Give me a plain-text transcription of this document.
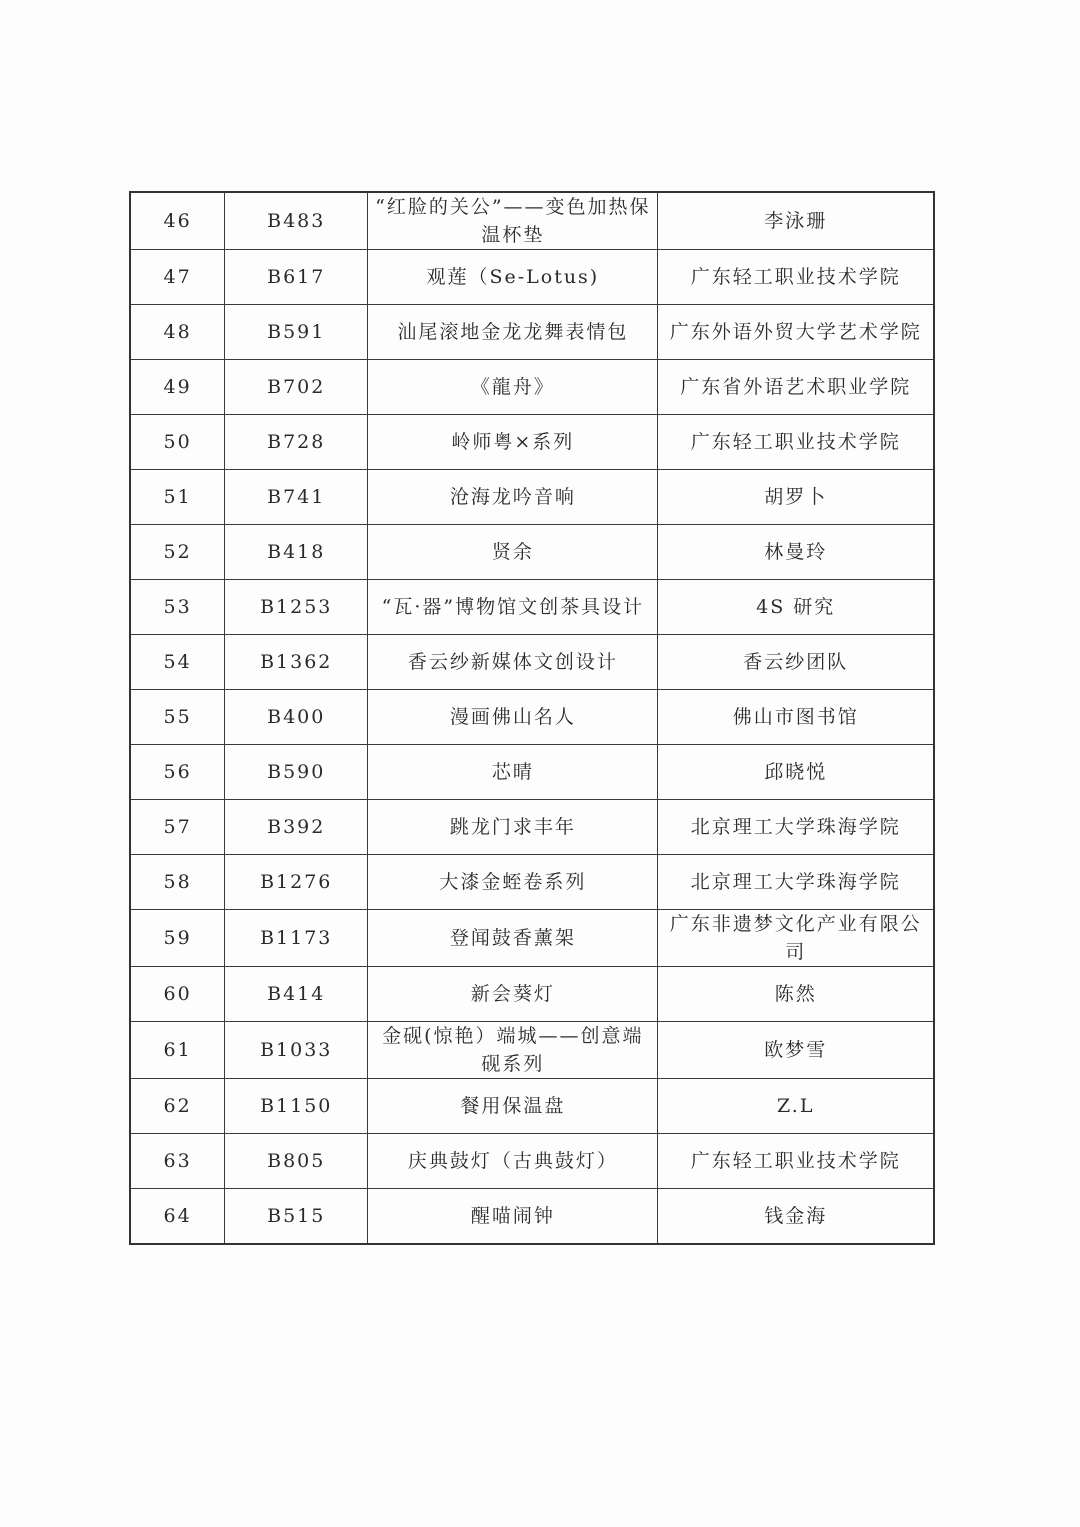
46	B483	“红脸的关公”——变色加热保温杯垫	李泳珊
47	B617	观莲（Se-Lotus)	广东轻工职业技术学院
48	B591	汕尾滚地金龙龙舞表情包	广东外语外贸大学艺术学院
49	B702	《龍舟》	广东省外语艺术职业学院
50	B728	岭师粤×系列	广东轻工职业技术学院
51	B741	沧海龙吟音响	胡罗卜
52	B418	贤余	林曼玲
53	B1253	“瓦·器”博物馆文创茶具设计	4S 研究
54	B1362	香云纱新媒体文创设计	香云纱团队
55	B400	漫画佛山名人	佛山市图书馆
56	B590	芯晴	邱晓悦
57	B392	跳龙门求丰年	北京理工大学珠海学院
58	B1276	大漆金蛭卷系列	北京理工大学珠海学院
59	B1173	登闻鼓香薰架	广东非遗梦文化产业有限公司
60	B414	新会葵灯	陈然
61	B1033	金砚(惊艳）端城——创意端砚系列	欧梦雪
62	B1150	餐用保温盘	Z.L
63	B805	庆典鼓灯（古典鼓灯）	广东轻工职业技术学院
64	B515	醒喵闹钟	钱金海
